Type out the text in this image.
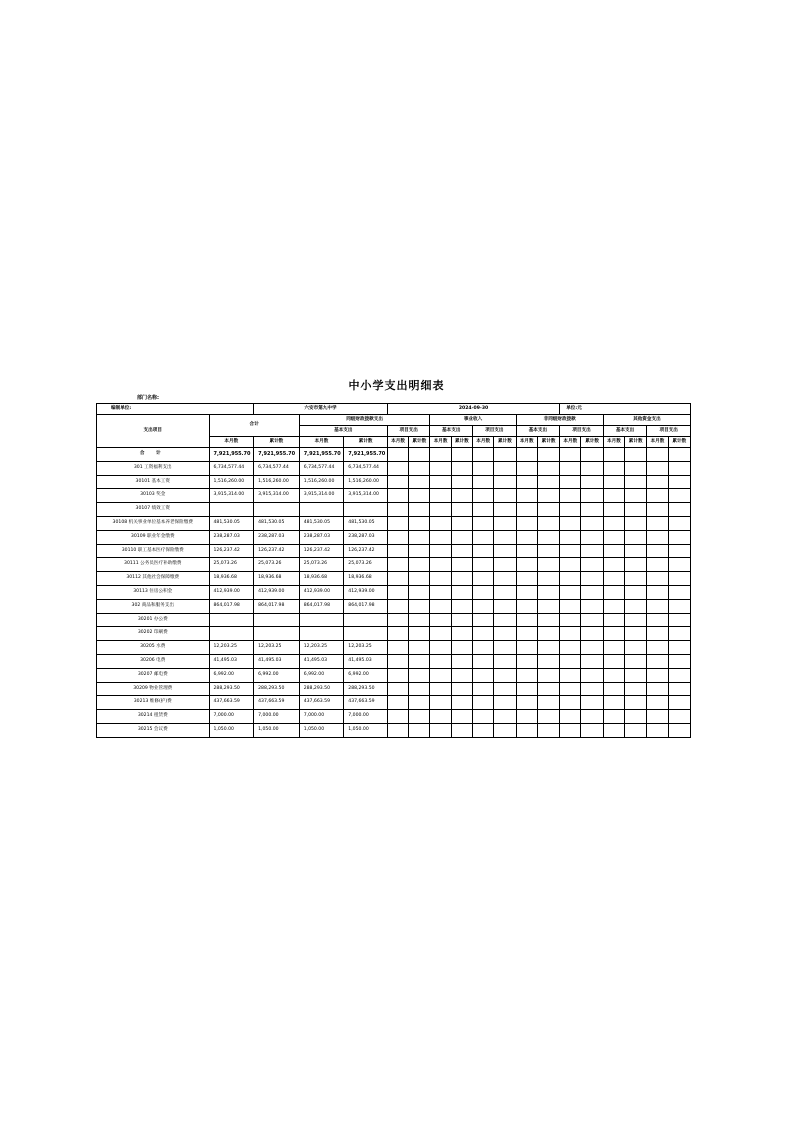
中小学支出明细表
部门名称:
编制单位:		六安市第九中学			2024-09-30								单位:元					
支出项目	合计		同级财政拨款支出				事业收入				非同级财政拨款				其他资金支出			
			基本支出		项目支出		基本支出		项目支出		基本支出		项目支出		基本支出		项目支出	
	本月数	累计数	本月数	累计数	本月数	累计数	本月数	累计数	本月数	累计数	本月数	累计数	本月数	累计数	本月数	累计数	本月数	累计数
合 计	7,921,955.70	7,921,955.70	7,921,955.70	7,921,955.70														
301 工资福利支出	6,734,577.44	6,734,577.44	6,734,577.44	6,734,577.44														
30101 基本工资	1,516,260.00	1,516,260.00	1,516,260.00	1,516,260.00														
30103 奖金	3,915,314.00	3,915,314.00	3,915,314.00	3,915,314.00														
30107 绩效工资																		
30108 机关事业单位基本养老保险缴费	481,530.05	481,530.05	481,530.05	481,530.05														
30109 职业年金缴费	238,287.03	238,287.03	238,287.03	238,287.03														
30110 职工基本医疗保险缴费	126,237.42	126,237.42	126,237.42	126,237.42														
30111 公务员医疗补助缴费	25,073.26	25,073.26	25,073.26	25,073.26														
30112 其他社会保障缴费	18,936.68	18,936.68	18,936.68	18,936.68														
30113 住房公积金	412,939.00	412,939.00	412,939.00	412,939.00														
302 商品和服务支出	864,017.98	864,017.98	864,017.98	864,017.98														
30201 办公费																		
30202 印刷费																		
30205 水费	12,203.25	12,203.25	12,203.25	12,203.25														
30206 电费	41,495.03	41,495.03	41,495.03	41,495.03														
30207 邮电费	6,992.00	6,992.00	6,992.00	6,992.00														
30209 物业管理费	288,293.50	288,293.50	288,293.50	288,293.50														
30213 维修(护)费	437,663.59	437,663.59	437,663.59	437,663.59														
30214 租赁费	7,000.00	7,000.00	7,000.00	7,000.00														
30215 会议费	1,050.00	1,050.00	1,050.00	1,050.00														
